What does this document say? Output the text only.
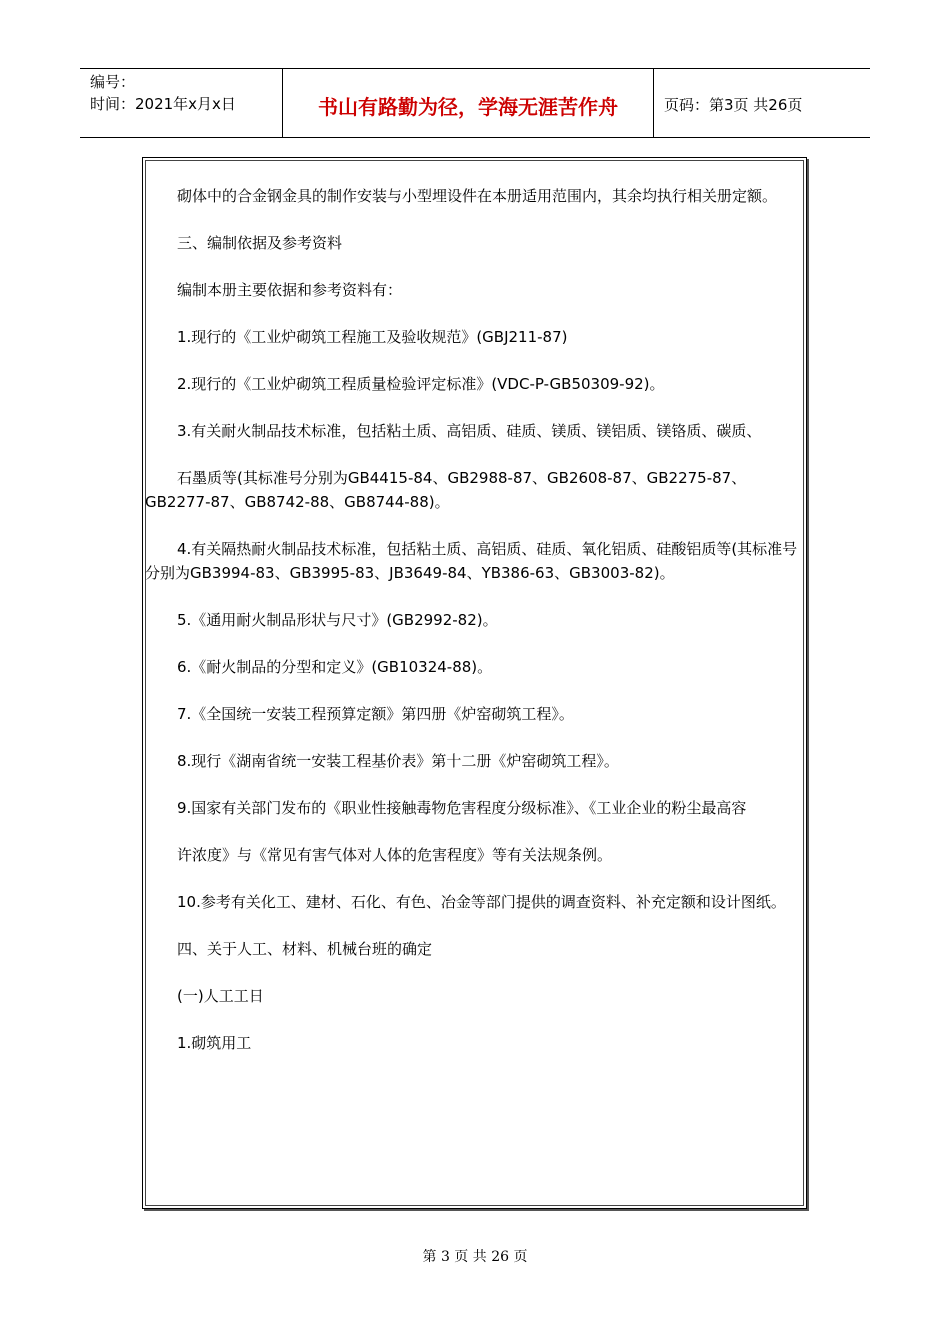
编号：
时间：2021年x月x日	书山有路勤为径，学海无涯苦作舟	页码：第3页 共26页

砌体中的合金钢金具的制作安装与小型埋设件在本册适用范围内，其余均执行相关册定额。

三、编制依据及参考资料

编制本册主要依据和参考资料有：

1.现行的《工业炉砌筑工程施工及验收规范》(GBJ211-87)

2.现行的《工业炉砌筑工程质量检验评定标准》(VDC-P-GB50309-92)。

3.有关耐火制品技术标准，包括粘土质、高铝质、硅质、镁质、镁铝质、镁铬质、碳质、

石墨质等(其标准号分别为GB4415-84、GB2988-87、GB2608-87、GB2275-87、GB2277-87、GB8742-88、GB8744-88)。

4.有关隔热耐火制品技术标准，包括粘土质、高铝质、硅质、氧化铝质、硅酸铝质等(其标准号分别为GB3994-83、GB3995-83、JB3649-84、YB386-63、GB3003-82)。

5.《通用耐火制品形状与尺寸》(GB2992-82)。

6.《耐火制品的分型和定义》(GB10324-88)。

7.《全国统一安装工程预算定额》第四册《炉窑砌筑工程》。

8.现行《湖南省统一安装工程基价表》第十二册《炉窑砌筑工程》。

9.国家有关部门发布的《职业性接触毒物危害程度分级标准》、《工业企业的粉尘最高容

许浓度》与《常见有害气体对人体的危害程度》等有关法规条例。

10.参考有关化工、建材、石化、有色、冶金等部门提供的调查资料、补充定额和设计图纸。

四、关于人工、材料、机械台班的确定

(一)人工工日

1.砌筑用工

第 3 页 共 26 页
